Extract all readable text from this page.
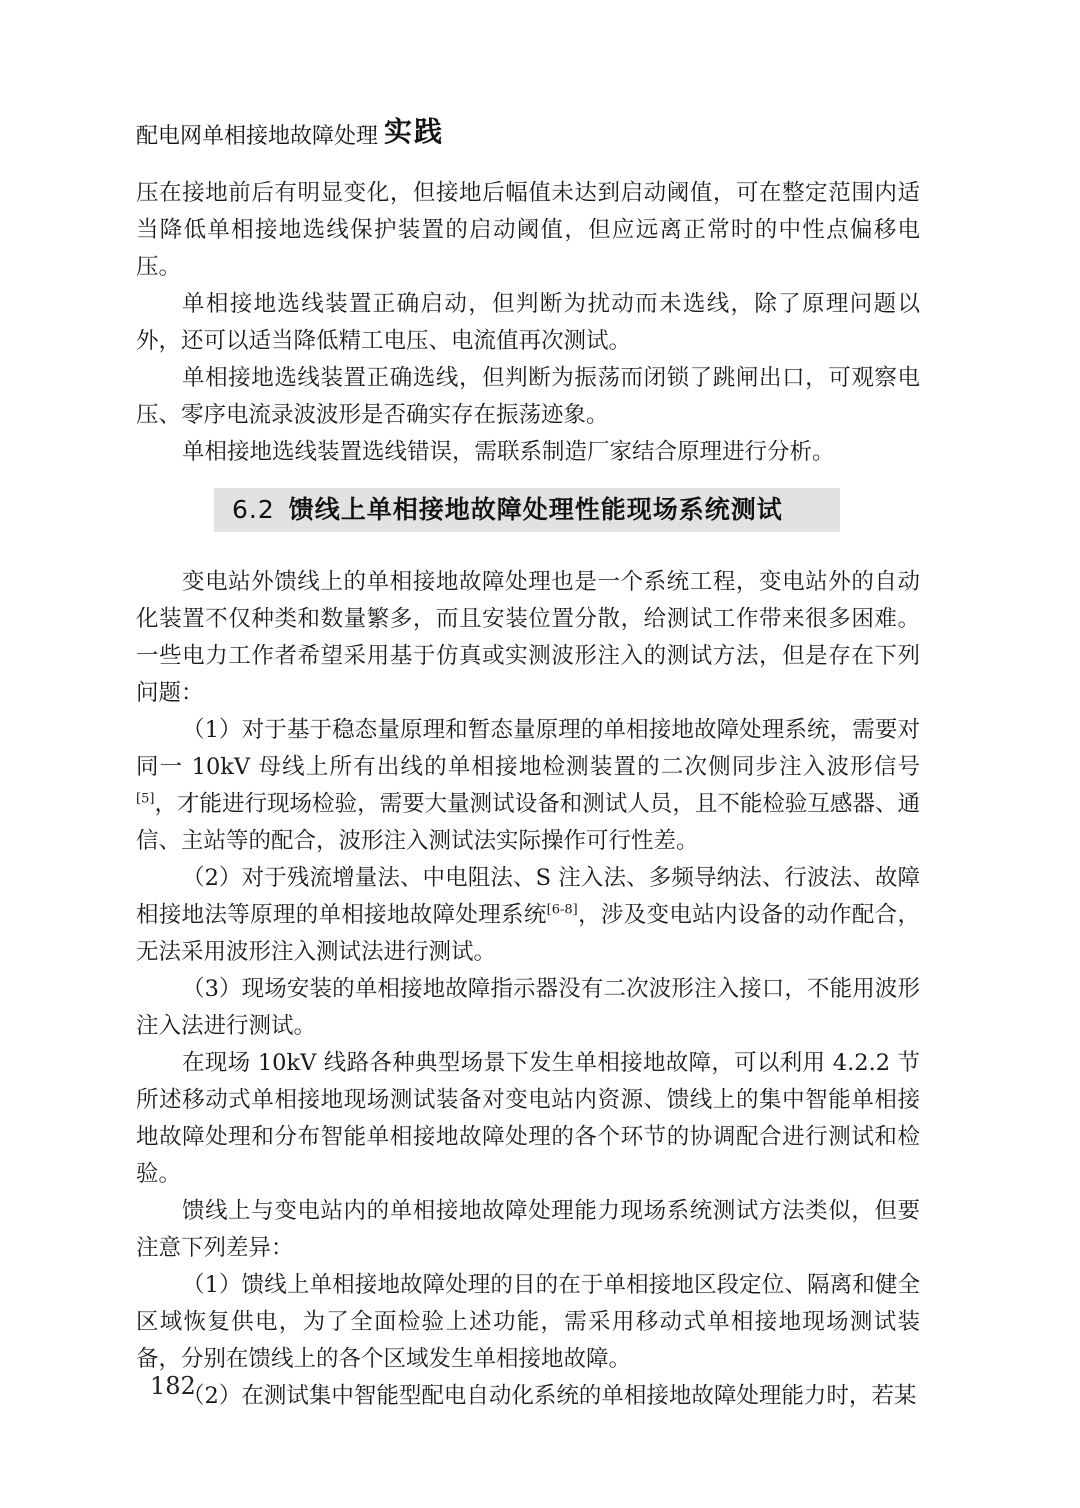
配电网单相接地故障处理 实践

压在接地前后有明显变化，但接地后幅值未达到启动阈值，可在整定范围内适当降低单相接地选线保护装置的启动阈值，但应远离正常时的中性点偏移电压。

单相接地选线装置正确启动，但判断为扰动而未选线，除了原理问题以外，还可以适当降低精工电压、电流值再次测试。

单相接地选线装置正确选线，但判断为振荡而闭锁了跳闸出口，可观察电压、零序电流录波波形是否确实存在振荡迹象。

单相接地选线装置选线错误，需联系制造厂家结合原理进行分析。

6.2 馈线上单相接地故障处理性能现场系统测试

变电站外馈线上的单相接地故障处理也是一个系统工程，变电站外的自动化装置不仅种类和数量繁多，而且安装位置分散，给测试工作带来很多困难。一些电力工作者希望采用基于仿真或实测波形注入的测试方法，但是存在下列问题：

（1）对于基于稳态量原理和暂态量原理的单相接地故障处理系统，需要对同一 10kV 母线上所有出线的单相接地检测装置的二次侧同步注入波形信号[5]，才能进行现场检验，需要大量测试设备和测试人员，且不能检验互感器、通信、主站等的配合，波形注入测试法实际操作可行性差。

（2）对于残流增量法、中电阻法、S 注入法、多频导纳法、行波法、故障相接地法等原理的单相接地故障处理系统[6-8]，涉及变电站内设备的动作配合，无法采用波形注入测试法进行测试。

（3）现场安装的单相接地故障指示器没有二次波形注入接口，不能用波形注入法进行测试。

在现场 10kV 线路各种典型场景下发生单相接地故障，可以利用 4.2.2 节所述移动式单相接地现场测试装备对变电站内资源、馈线上的集中智能单相接地故障处理和分布智能单相接地故障处理的各个环节的协调配合进行测试和检验。

馈线上与变电站内的单相接地故障处理能力现场系统测试方法类似，但要注意下列差异：

（1）馈线上单相接地故障处理的目的在于单相接地区段定位、隔离和健全区域恢复供电，为了全面检验上述功能，需采用移动式单相接地现场测试装备，分别在馈线上的各个区域发生单相接地故障。

（2）在测试集中智能型配电自动化系统的单相接地故障处理能力时，若某

182
